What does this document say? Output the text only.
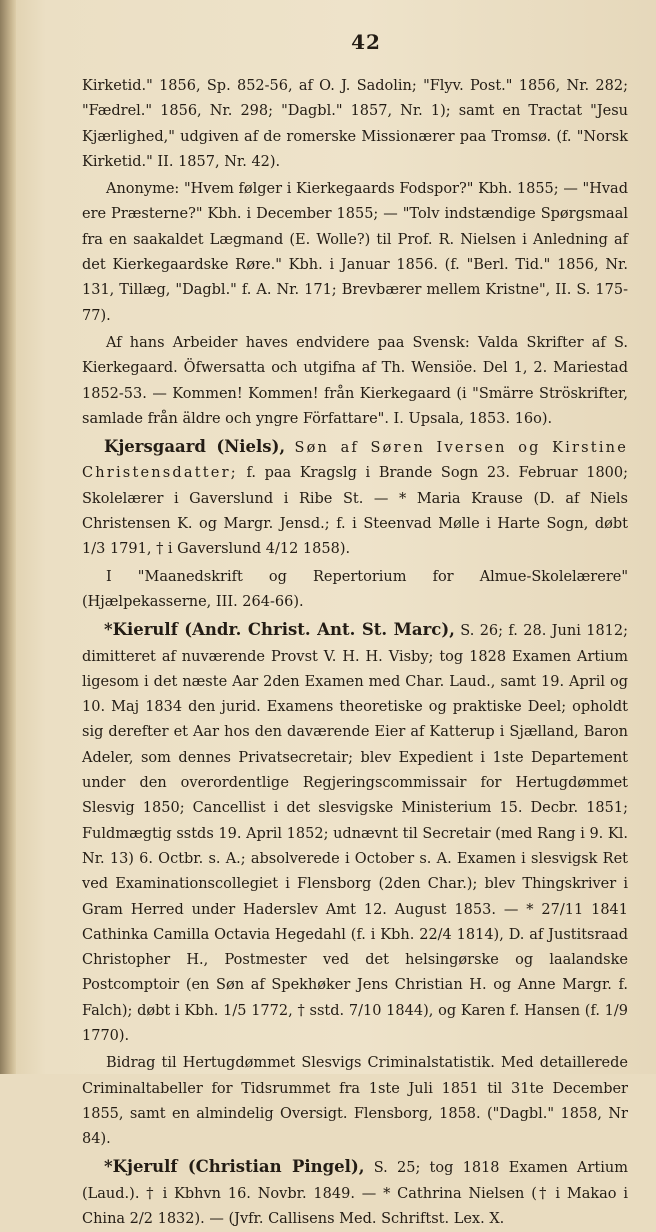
42

Kirketid." 1856, Sp. 852-56, af O. J. Sadolin; "Flyv. Post." 1856, Nr. 282; "Fædrel." 1856, Nr. 298; "Dagbl." 1857, Nr. 1); samt en Tractat "Jesu Kjærlighed," udgiven af de romerske Missionærer paa Tromsø. (f. "Norsk Kirketid." II. 1857, Nr. 42).

Anonyme: "Hvem følger i Kierkegaards Fodspor?" Kbh. 1855; — "Hvad ere Præsterne?" Kbh. i December 1855; — "Tolv indstændige Spørgsmaal fra en saakaldet Lægmand (E. Wolle?) til Prof. R. Nielsen i Anledning af det Kierkegaardske Røre." Kbh. i Januar 1856. (f. "Berl. Tid." 1856, Nr. 131, Tillæg, "Dagbl." f. A. Nr. 171; Brevbærer mellem Kristne", II. S. 175-77).

Af hans Arbeider haves endvidere paa Svensk: Valda Skrifter af S. Kierkegaard. Öfwersatta och utgifna af Th. Wensiöe. Del 1, 2. Mariestad 1852-53. — Kommen! Kommen! från Kierkegaard (i "Smärre Ströskrifter, samlade från äldre och yngre Författare". I. Upsala, 1853. 16o).

Kjersgaard (Niels), Søn af Søren Iversen og Kirstine Christensdatter; f. paa Kragslg i Brande Sogn 23. Februar 1800; Skolelærer i Gaverslund i Ribe St. — * Maria Krause (D. af Niels Christensen K. og Margr. Jensd.; f. i Steenvad Mølle i Harte Sogn, døbt 1/3 1791, † i Gaverslund 4/12 1858).

I "Maanedskrift og Repertorium for Almue-Skolelærere" (Hjælpekasserne, III. 264-66).

*Kierulf (Andr. Christ. Ant. St. Marc), S. 26; f. 28. Juni 1812; dimitteret af nuværende Provst V. H. H. Visby; tog 1828 Examen Artium ligesom i det næste Aar 2den Examen med Char. Laud., samt 19. April og 10. Maj 1834 den jurid. Examens theoretiske og praktiske Deel; opholdt sig derefter et Aar hos den daværende Eier af Katterup i Sjælland, Baron Adeler, som dennes Privatsecretair; blev Expedient i 1ste Departement under den overordentlige Regjeringscommissair for Hertugdømmet Slesvig 1850; Cancellist i det slesvigske Ministerium 15. Decbr. 1851; Fuldmægtig sstds 19. April 1852; udnævnt til Secretair (med Rang i 9. Kl. Nr. 13) 6. Octbr. s. A.; absolverede i October s. A. Examen i slesvigsk Ret ved Examinationscollegiet i Flensborg (2den Char.); blev Thingskriver i Gram Herred under Haderslev Amt 12. August 1853. — * 27/11 1841 Cathinka Camilla Octavia Hegedahl (f. i Kbh. 22/4 1814), D. af Justitsraad Christopher H., Postmester ved det helsingørske og laalandske Postcomptoir (en Søn af Spekhøker Jens Christian H. og Anne Margr. f. Falch); døbt i Kbh. 1/5 1772, † sstd. 7/10 1844), og Karen f. Hansen (f. 1/9 1770).

Bidrag til Hertugdømmet Slesvigs Criminalstatistik. Med detaillerede Criminaltabeller for Tidsrummet fra 1ste Juli 1851 til 31te December 1855, samt en almindelig Oversigt. Flensborg, 1858. ("Dagbl." 1858, Nr 84).

*Kjerulf (Christian Pingel), S. 25; tog 1818 Examen Artium (Laud.). † i Kbhvn 16. Novbr. 1849. — * Cathrina Nielsen († i Makao i China 2/2 1832). — (Jvfr. Callisens Med. Schriftst. Lex. X.
